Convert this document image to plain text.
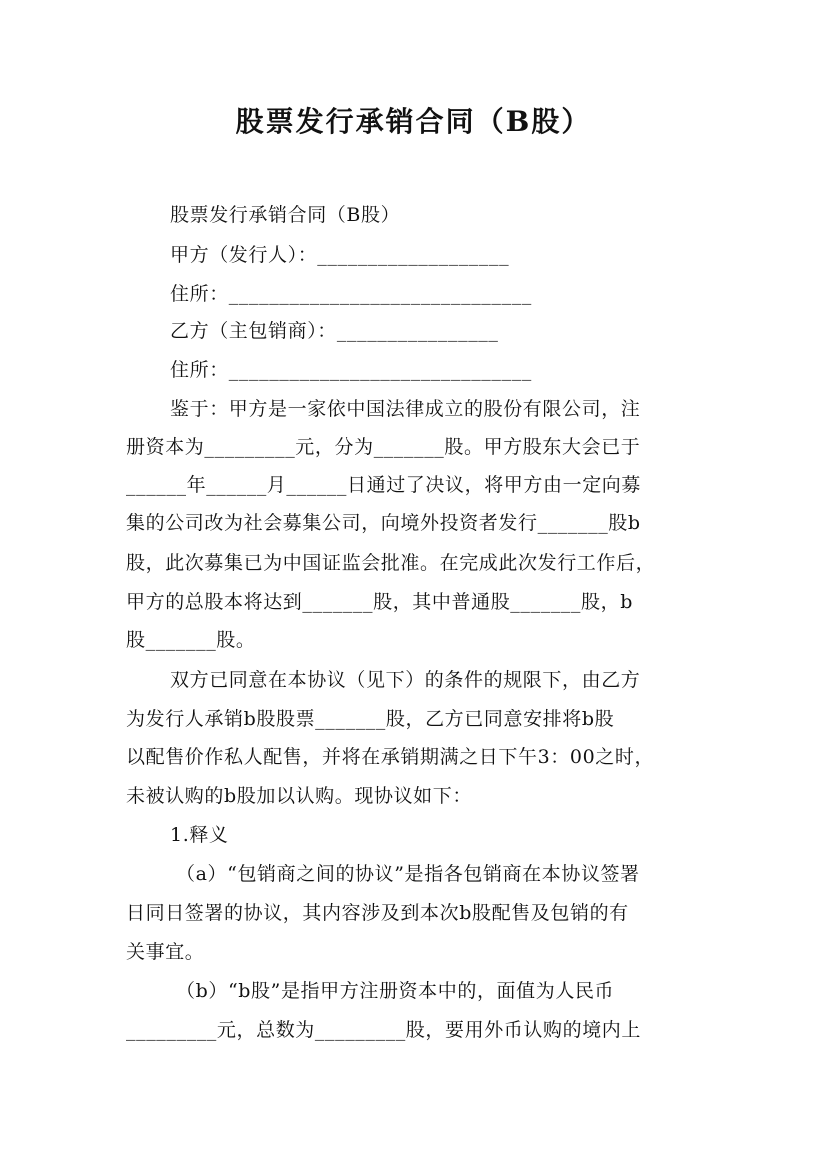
股票发行承销合同（B股）
股票发行承销合同（B股）
甲方（发行人）：___________________
住所：______________________________
乙方（主包销商）：________________
住所：______________________________
鉴于：甲方是一家依中国法律成立的股份有限公司，注
册资本为_________元，分为_______股。甲方股东大会已于
______年______月______日通过了决议，将甲方由一定向募
集的公司改为社会募集公司，向境外投资者发行_______股b
股，此次募集已为中国证监会批准。在完成此次发行工作后，
甲方的总股本将达到_______股，其中普通股_______股，b
股_______股。
双方已同意在本协议（见下）的条件的规限下，由乙方
为发行人承销b股股票_______股，乙方已同意安排将b股
以配售价作私人配售，并将在承销期满之日下午3：00之时，
未被认购的b股加以认购。现协议如下：
1.释义
（a）“包销商之间的协议”是指各包销商在本协议签署
日同日签署的协议，其内容涉及到本次b股配售及包销的有
关事宜。
（b）“b股”是指甲方注册资本中的，面值为人民币
_________元，总数为_________股，要用外币认购的境内上
